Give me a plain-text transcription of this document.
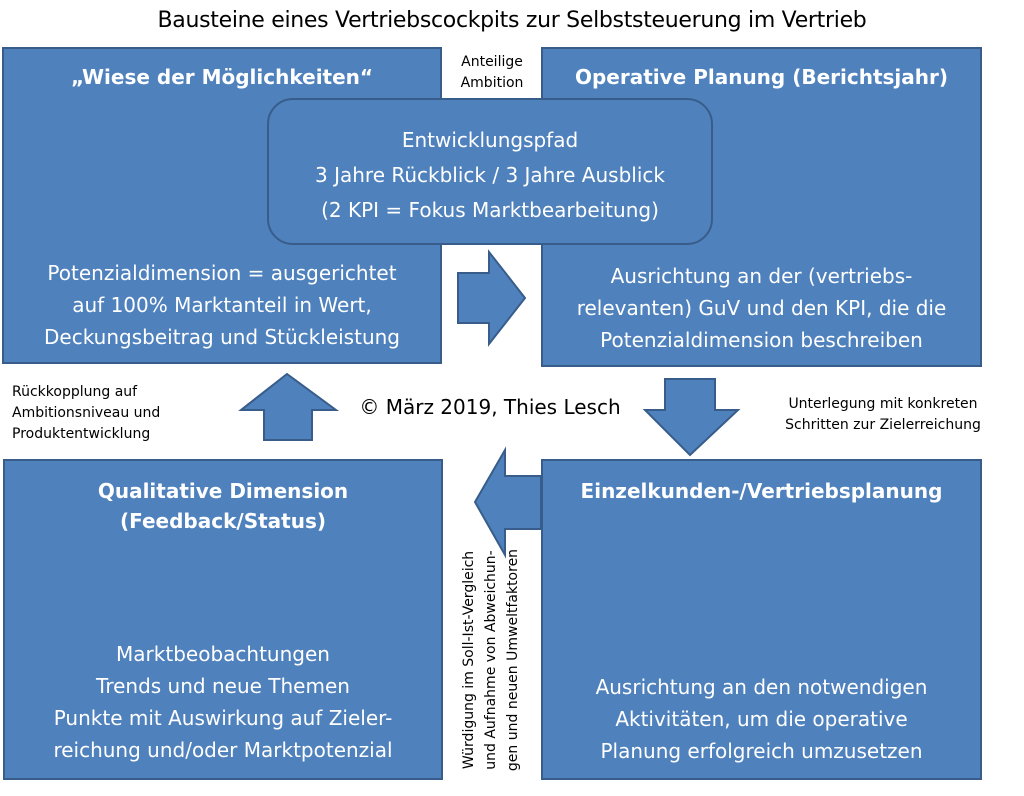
Bausteine eines Vertriebscockpits zur Selbststeuerung im Vertrieb
„Wiese der Möglichkeiten“
Potenzialdimension = ausgerichtet
auf 100% Marktanteil in Wert,
Deckungsbeitrag und Stückleistung
Operative Planung (Berichtsjahr)
Ausrichtung an der (vertriebs-
relevanten) GuV und den KPI, die die
Potenzialdimension beschreiben
Qualitative Dimension
(Feedback/Status)
Marktbeobachtungen
Trends und neue Themen
Punkte mit Auswirkung auf Zieler-
reichung und/oder Marktpotenzial
Einzelkunden-/Vertriebsplanung
Ausrichtung an den notwendigen
Aktivitäten, um die operative
Planung erfolgreich umzusetzen
Entwicklungspfad
3 Jahre Rückblick / 3 Jahre Ausblick
(2 KPI = Fokus Marktbearbeitung)
Anteilige
Ambition
Rückkopplung auf
Ambitionsniveau und
Produktentwicklung
Unterlegung mit konkreten
Schritten zur Zielerreichung
© März 2019, Thies Lesch
Würdigung im Soll-Ist-Vergleich und Aufnahme von Abweichun- gen und neuen Umweltfaktoren
